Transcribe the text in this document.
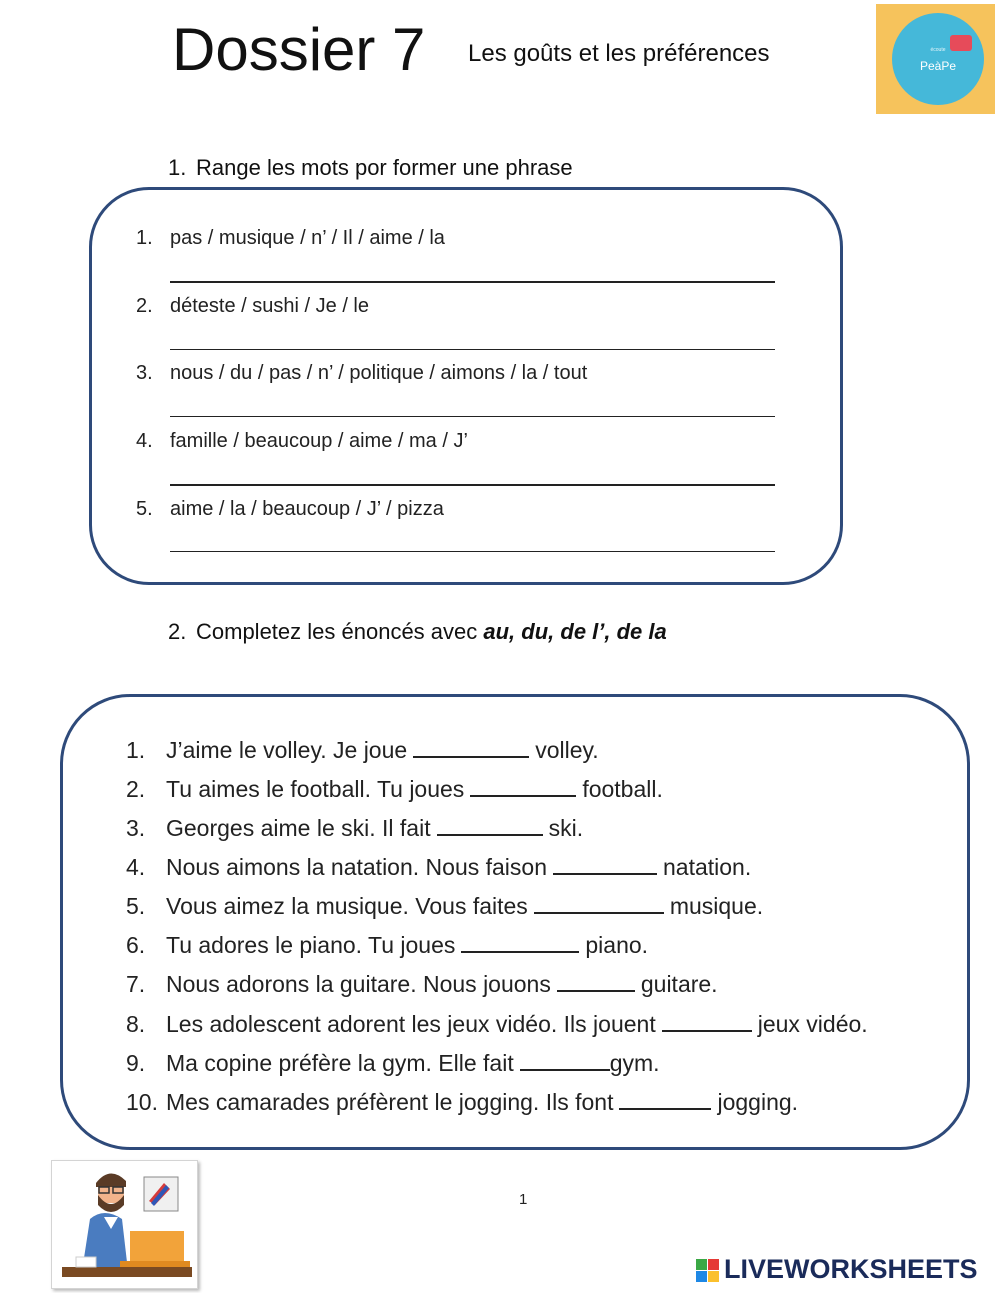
Dossier 7 Les goûts et les préférences	écoute
PeàPe
1. Range les mots por former une phrase
1. pas / musique / n’ / Il / aime / la
2. déteste / sushi / Je / le
3. nous / du / pas / n’ / politique / aimons / la / tout
4. famille / beaucoup / aime / ma / J’
5. aime / la / beaucoup / J’ / pizza
2. Completez les énoncés avec au, du, de l’, de la
1. J’aime le volley. Je joue	volley.
2. Tu aimes le football. Tu joues	football.
3. Georges aime le ski. Il fait	ski.
4. Nous aimons la natation. Nous faison	natation.
5. Vous aimez la musique. Vous faites	musique.
6. Tu adores le piano. Tu joues	piano.
7. Nous adorons la guitare. Nous jouons	guitare.
8. Les adolescent adorent les jeux vidéo. Ils jouent	jeux vidéo.
9. Ma copine préfère la gym. Elle fait	gym.
10. Mes camarades préfèrent le jogging. Ils font	jogging.
1
LIVEWORKSHEETS
